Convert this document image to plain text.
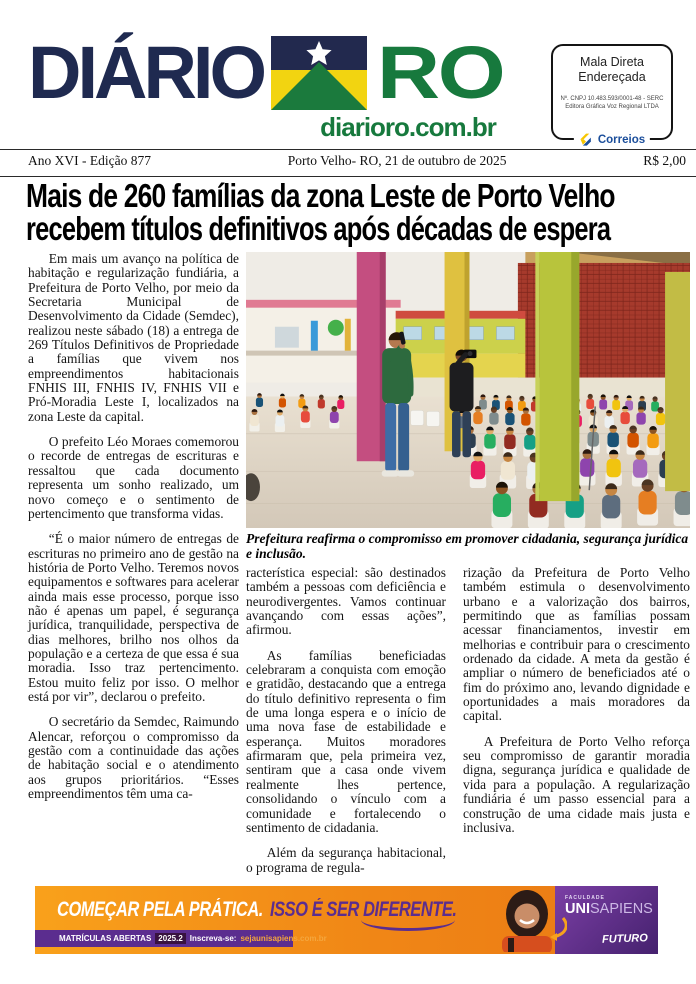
DIÁRIO RO
diarioro.com.br
Mala Direta
Endereçada
Nº. CNPJ 10.483.593/0001-48 - SERC
Editora Gráfica Voz Regional LTDA
Correios
Ano XVI - Edição 877	Porto Velho- RO, 21 de outubro de 2025	R$ 2,00
Mais de 260 famílias da zona Leste de Porto Velho
recebem títulos definitivos após décadas de espera

Em mais um avanço na política de habitação e regularização fundiária, a Prefeitura de Porto Velho, por meio da Secretaria Municipal de Desenvolvimento da Cidade (Semdec), realizou neste sábado (18) a entrega de 269 Títulos Definitivos de Propriedade a famílias que vivem nos empreendimentos habitacionais FNHIS III, FNHIS IV, FNHIS VII e Pró-Moradia Leste I, localizados na zona Leste da capital.

O prefeito Léo Moraes comemorou o recorde de entregas de escrituras e ressaltou que cada documento representa um sonho realizado, um novo começo e o sentimento de pertencimento que transforma vidas.

“É o maior número de entregas de escrituras no primeiro ano de gestão na história de Porto Velho. Teremos novos equipamentos e softwares para acelerar ainda mais esse processo, porque isso não é apenas um papel, é segurança jurídica, tranquilidade, perspectiva de dias melhores, brilho nos olhos da população e a certeza de que essa é sua moradia. Isso traz pertencimento. Estou muito feliz por isso. O melhor está por vir”, declarou o prefeito.

O secretário da Semdec, Raimundo Alencar, reforçou o compromisso da gestão com a continuidade das ações de habitação social e o atendimento aos grupos prioritários. “Esses empreendimentos têm uma ca-

Prefeitura reafirma o compromisso em promover cidadania, segurança jurídica e inclusão.

racterística especial: são destinados também a pessoas com deficiência e neurodivergentes. Vamos continuar avançando com essas ações”, afirmou.

As famílias beneficiadas celebraram a conquista com emoção e gratidão, destacando que a entrega do título definitivo representa o fim de uma longa espera e o início de uma nova fase de estabilidade e esperança. Muitos moradores afirmaram que, pela primeira vez, sentiram que a casa onde vivem realmente lhes pertence, consolidando o vínculo com a comunidade e fortalecendo o sentimento de cidadania.

Além da segurança habitacional, o programa de regula-

rização da Prefeitura de Porto Velho também estimula o desenvolvimento urbano e a valorização dos bairros, permitindo que as famílias possam acessar financiamentos, investir em melhorias e contribuir para o crescimento ordenado da cidade. A meta da gestão é ampliar o número de beneficiados até o fim do próximo ano, levando dignidade e oportunidades a mais moradores da capital.

A Prefeitura de Porto Velho reforça seu compromisso de garantir moradia digna, segurança jurídica e qualidade de vida para a população. A regularização fundiária é um passo essencial para a construção de uma cidade mais justa e inclusiva.

COMEÇAR PELA PRÁTICA. ISSO É SER DIFERENTE.
MATRÍCULAS ABERTAS 2025.2 Inscreva-se: sejaunisapiens.com.br
FACULDADE
UNISAPIENS
FUTURO
